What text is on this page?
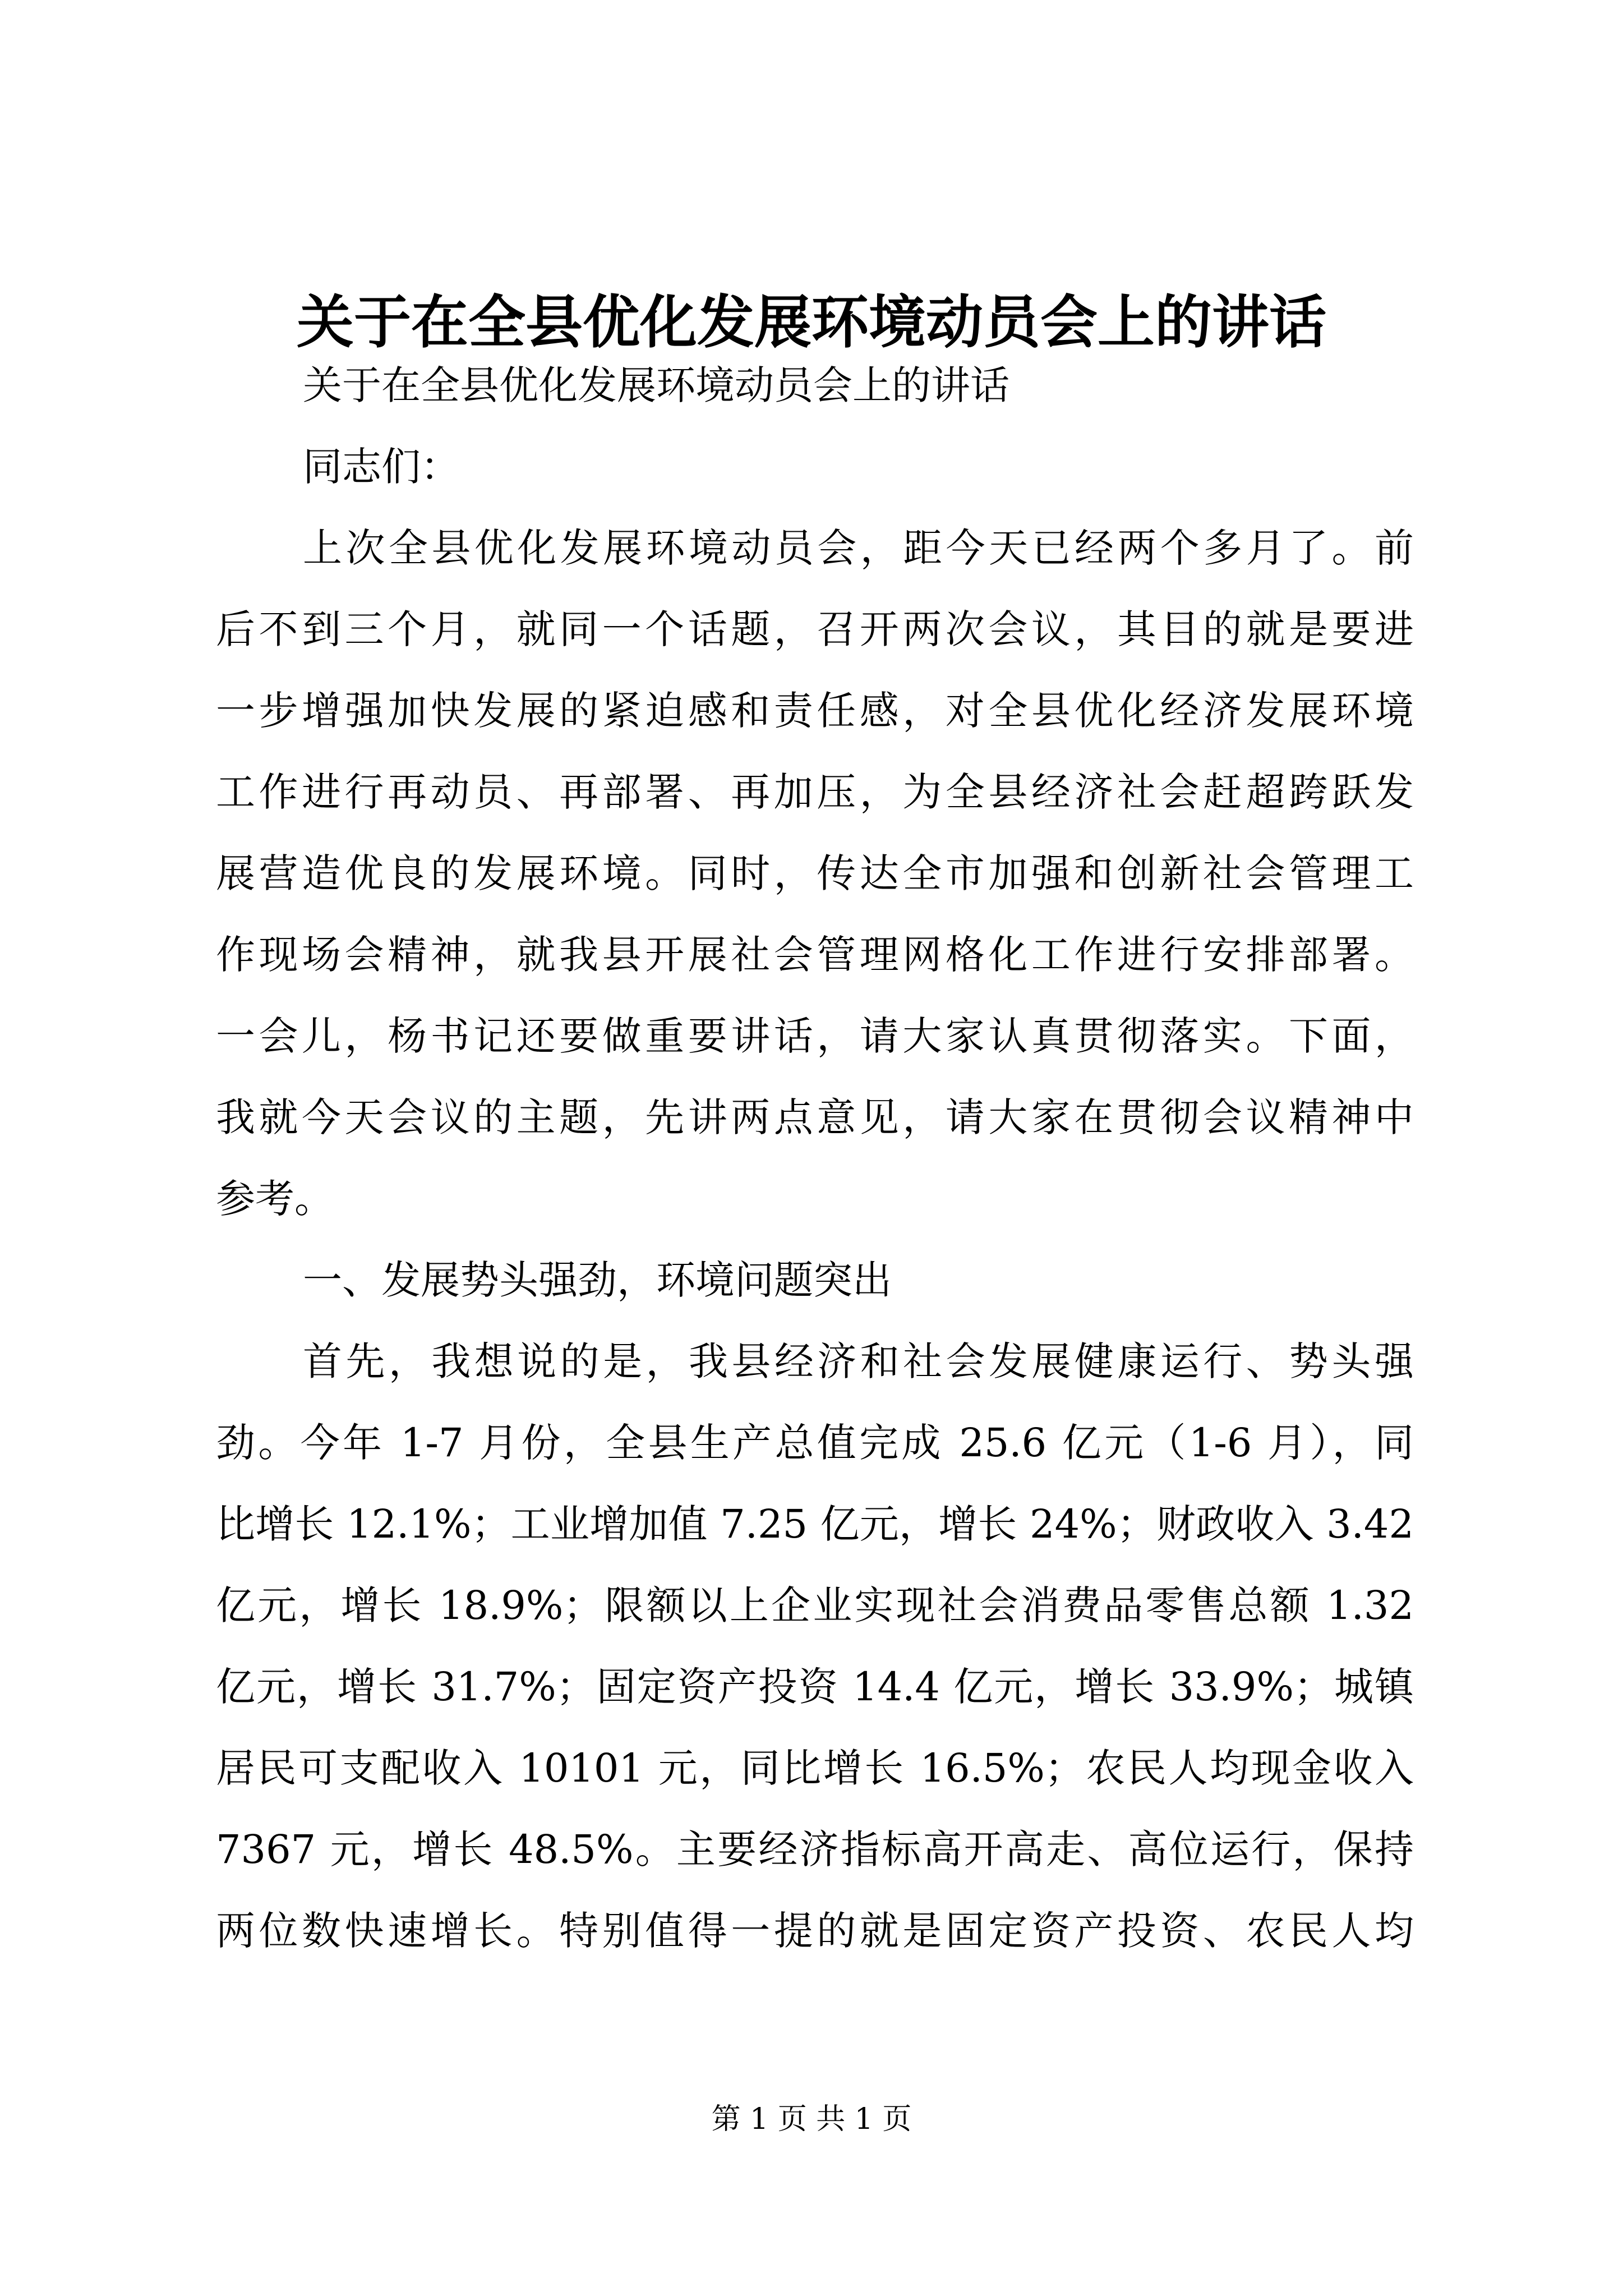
关于在全县优化发展环境动员会上的讲话
关于在全县优化发展环境动员会上的讲话
同志们：
上次全县优化发展环境动员会，距今天已经两个多月了。前
后不到三个月，就同一个话题，召开两次会议，其目的就是要进
一步增强加快发展的紧迫感和责任感，对全县优化经济发展环境
工作进行再动员、再部署、再加压，为全县经济社会赶超跨跃发
展营造优良的发展环境。同时，传达全市加强和创新社会管理工
作现场会精神，就我县开展社会管理网格化工作进行安排部署。
一会儿，杨书记还要做重要讲话，请大家认真贯彻落实。下面，
我就今天会议的主题，先讲两点意见，请大家在贯彻会议精神中
参考。
一、发展势头强劲，环境问题突出
首先，我想说的是，我县经济和社会发展健康运行、势头强
劲。今年 1-7 月份，全县生产总值完成 25.6 亿元（1-6 月），同
比增长 12.1%；工业增加值 7.25 亿元，增长 24%；财政收入 3.42
亿元，增长 18.9%；限额以上企业实现社会消费品零售总额 1.32
亿元，增长 31.7%；固定资产投资 14.4 亿元，增长 33.9%；城镇
居民可支配收入 10101 元，同比增长 16.5%；农民人均现金收入
7367 元，增长 48.5%。主要经济指标高开高走、高位运行，保持
两位数快速增长。特别值得一提的就是固定资产投资、农民人均
第 1 页 共 1 页
